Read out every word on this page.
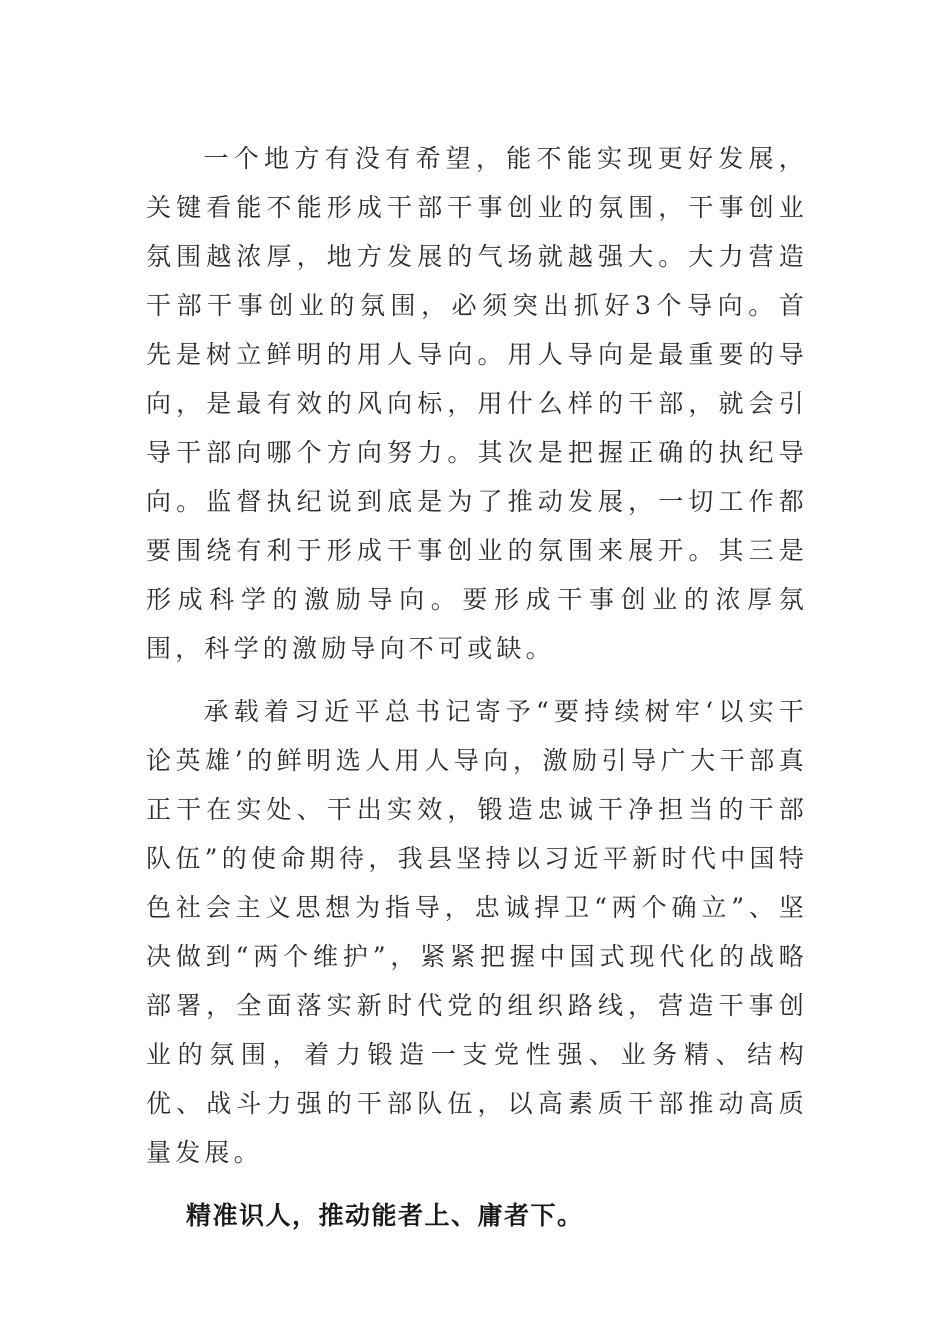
一个地方有没有希望，能不能实现更好发展，关键看能不能形成干部干事创业的氛围，干事创业氛围越浓厚，地方发展的气场就越强大。大力营造干部干事创业的氛围，必须突出抓好3个导向。首先是树立鲜明的用人导向。用人导向是最重要的导向，是最有效的风向标，用什么样的干部，就会引导干部向哪个方向努力。其次是把握正确的执纪导向。监督执纪说到底是为了推动发展，一切工作都要围绕有利于形成干事创业的氛围来展开。其三是形成科学的激励导向。要形成干事创业的浓厚氛围，科学的激励导向不可或缺。

承载着习近平总书记寄予“要持续树牢‘以实干论英雄’的鲜明选人用人导向，激励引导广大干部真正干在实处、干出实效，锻造忠诚干净担当的干部队伍”的使命期待，我县坚持以习近平新时代中国特色社会主义思想为指导，忠诚捍卫“两个确立”、坚决做到“两个维护”，紧紧把握中国式现代化的战略部署，全面落实新时代党的组织路线，营造干事创业的氛围，着力锻造一支党性强、业务精、结构优、战斗力强的干部队伍，以高素质干部推动高质量发展。

精准识人，推动能者上、庸者下。
